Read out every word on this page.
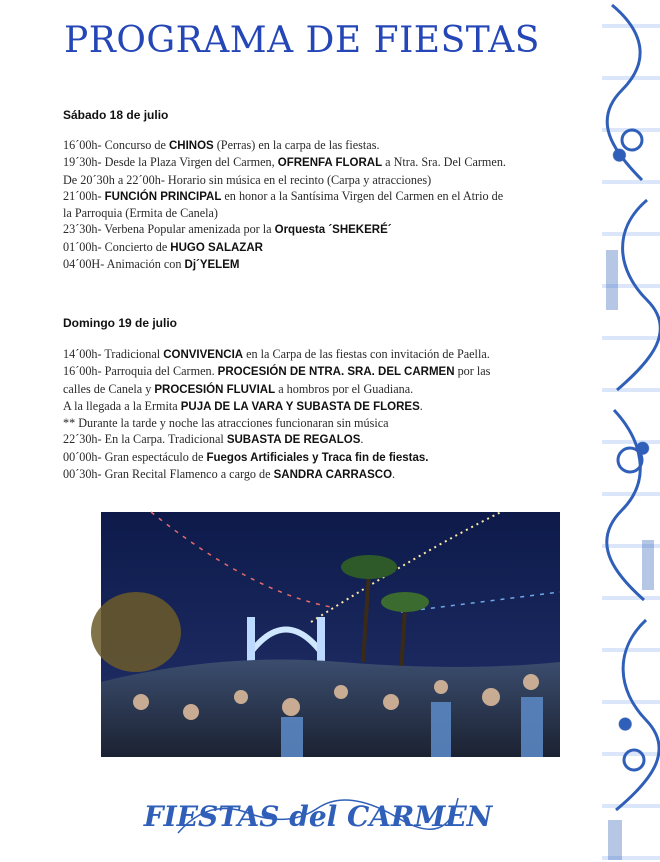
PROGRAMA DE FIESTAS
Sábado 18 de julio
16´00h- Concurso de CHINOS (Perras) en la carpa de las fiestas.
19´30h- Desde la Plaza Virgen del Carmen, OFRENFA FLORAL a Ntra. Sra. Del Carmen.
De 20´30h a 22´00h- Horario sin música en el recinto (Carpa y atracciones)
21´00h- FUNCIÓN PRINCIPAL en honor a la Santísima Virgen del Carmen en el Atrio de
la Parroquia (Ermita de Canela)
23´30h- Verbena Popular amenizada por la Orquesta ´SHEKERÉ´
01´00h- Concierto de HUGO SALAZAR
04´00H- Animación con Dj´YELEM
Domingo 19 de julio
14´00h- Tradicional CONVIVENCIA en la Carpa de las fiestas con invitación de Paella.
16´00h- Parroquia del Carmen. PROCESIÓN DE NTRA. SRA. DEL CARMEN por las
calles de Canela y PROCESIÓN FLUVIAL a hombros por el Guadiana.
A la llegada a la Ermita PUJA DE LA VARA Y SUBASTA DE FLORES.
** Durante la tarde y noche las atracciones funcionaran sin música
22´30h- En la Carpa. Tradicional SUBASTA DE REGALOS.
00´00h- Gran espectáculo de Fuegos Artificiales y Traca fin de fiestas.
00´30h- Gran Recital Flamenco a cargo de SANDRA CARRASCO.
FIESTAS del CARMEN
